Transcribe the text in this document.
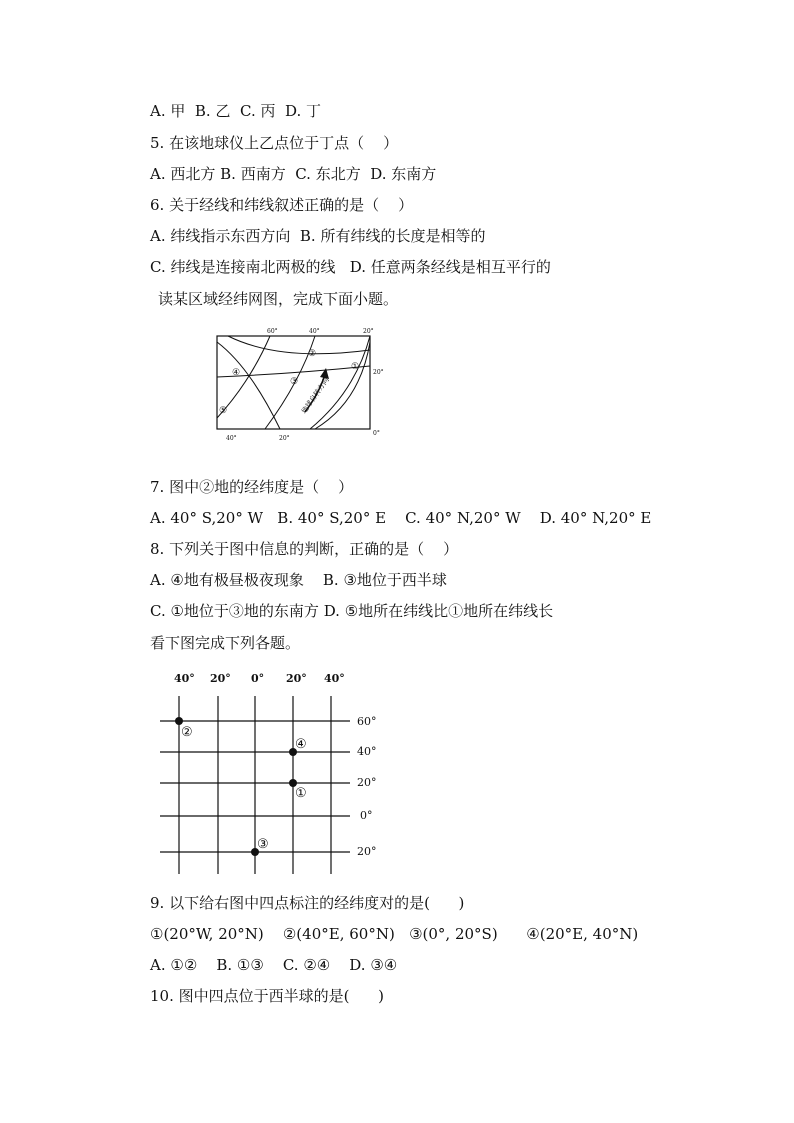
A. 甲  B. 乙  C. 丙  D. 丁
5. 在该地球仪上乙点位于丁点（    ）
A. 西北方 B. 西南方  C. 东北方  D. 东南方
6. 关于经线和纬线叙述正确的是（    ）
A. 纬线指示东西方向  B. 所有纬线的长度是相等的
C. 纬线是连接南北两极的线   D. 任意两条经线是相互平行的
读某区域经纬网图，完成下面小题。
地球自转方向
60°	40°	20°
40°	20°
20°
0°
①
②
③
④
⑤
7. 图中②地的经纬度是（    ）
A. 40° S,20° W   B. 40° S,20° E    C. 40° N,20° W    D. 40° N,20° E
8. 下列关于图中信息的判断，正确的是（    ）
A. ④地有极昼极夜现象    B. ③地位于西半球
C. ①地位于③地的东南方 D. ⑤地所在纬线比①地所在纬线长
看下图完成下列各题。
40° 20° 0° 20° 40°
60°
40°
20°
0°
20°
②
④
①
③
9. 以下给右图中四点标注的经纬度对的是(      )
①(20°W, 20°N)    ②(40°E, 60°N)   ③(0°, 20°S)      ④(20°E, 40°N)
A. ①②    B. ①③    C. ②④    D. ③④
10. 图中四点位于西半球的是(      )
